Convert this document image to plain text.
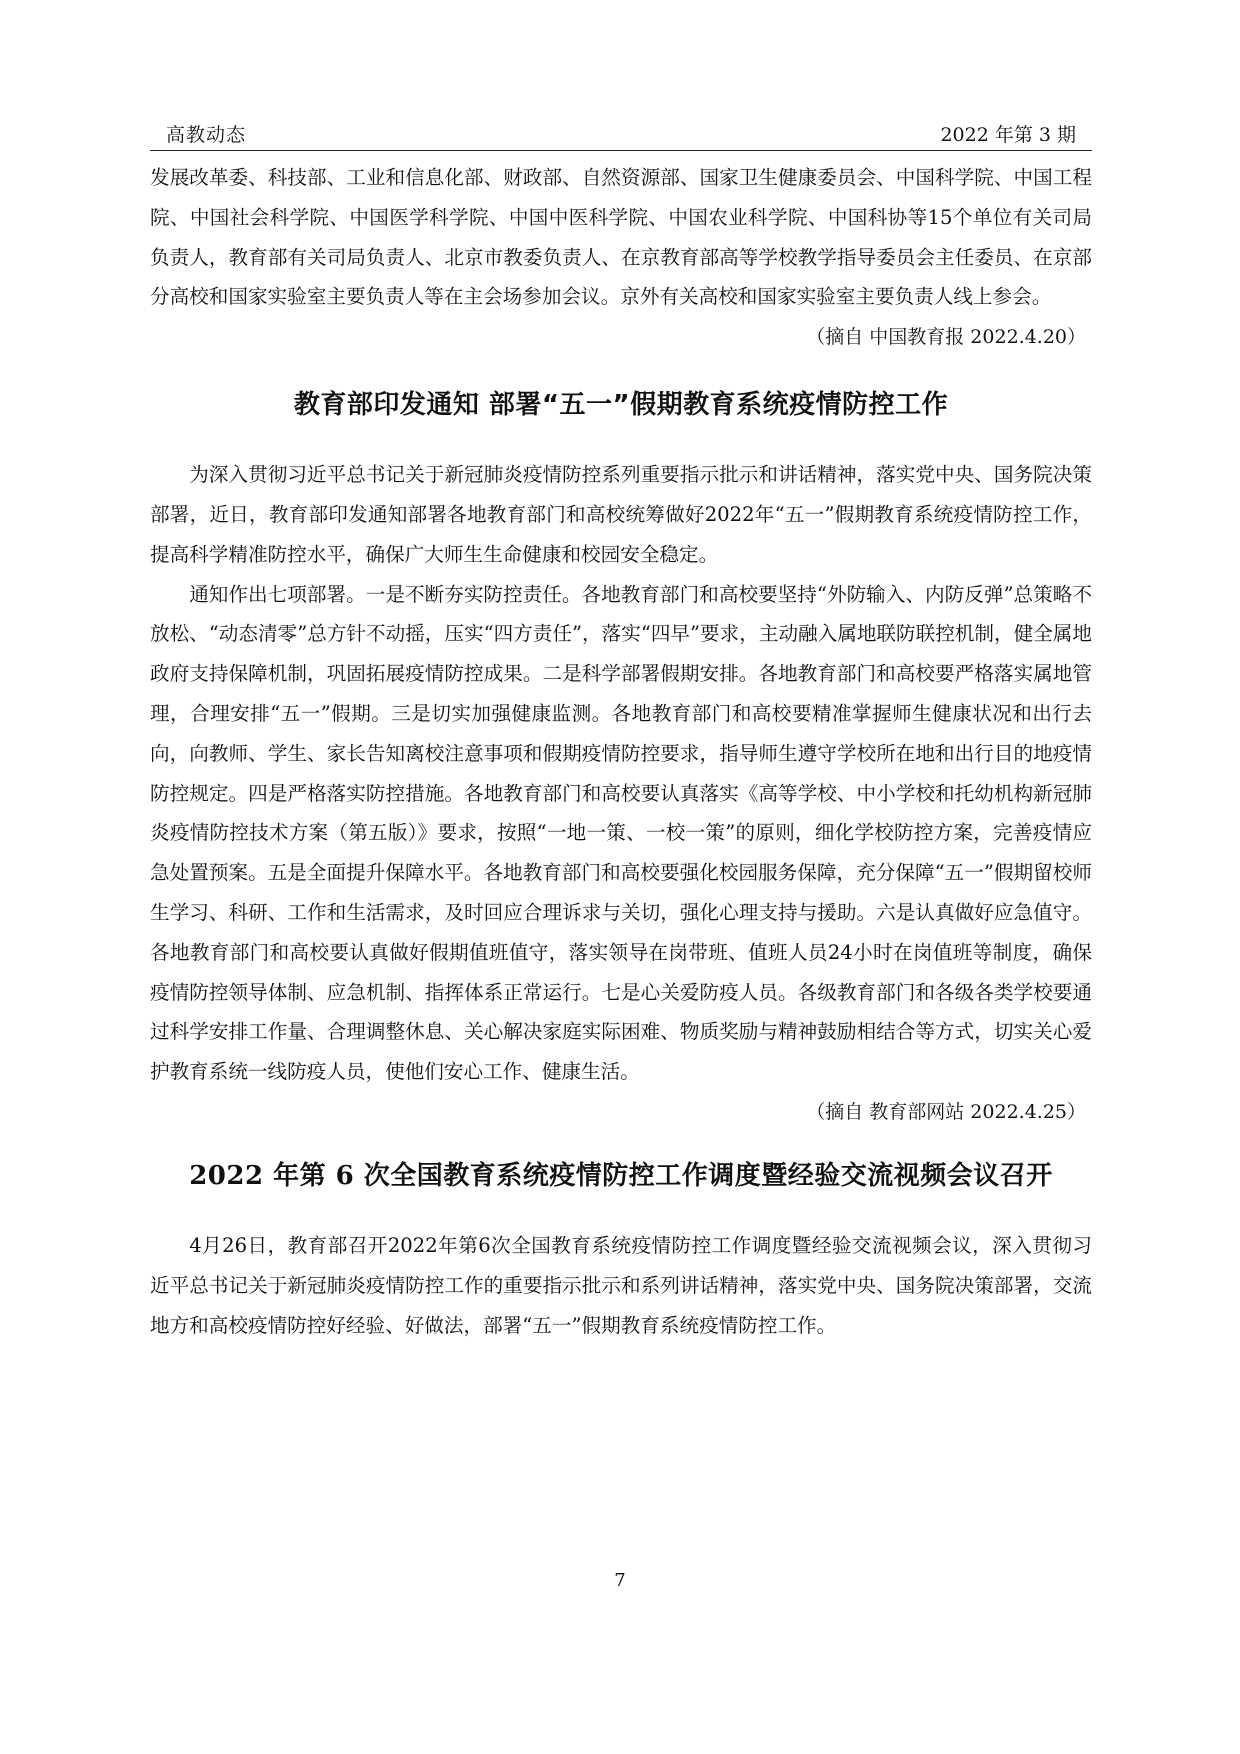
高教动态	2022 年第 3 期

发展改革委、科技部、工业和信息化部、财政部、自然资源部、国家卫生健康委员会、中国科学院、中国工程院、中国社会科学院、中国医学科学院、中国中医科学院、中国农业科学院、中国科协等15个单位有关司局负责人，教育部有关司局负责人、北京市教委负责人、在京教育部高等学校教学指导委员会主任委员、在京部分高校和国家实验室主要负责人等在主会场参加会议。京外有关高校和国家实验室主要负责人线上参会。

（摘自 中国教育报 2022.4.20）

教育部印发通知 部署“五一”假期教育系统疫情防控工作

为深入贯彻习近平总书记关于新冠肺炎疫情防控系列重要指示批示和讲话精神，落实党中央、国务院决策部署，近日，教育部印发通知部署各地教育部门和高校统筹做好2022年“五一”假期教育系统疫情防控工作，提高科学精准防控水平，确保广大师生生命健康和校园安全稳定。

通知作出七项部署。一是不断夯实防控责任。各地教育部门和高校要坚持“外防输入、内防反弹”总策略不放松、“动态清零”总方针不动摇，压实“四方责任”，落实“四早”要求，主动融入属地联防联控机制，健全属地政府支持保障机制，巩固拓展疫情防控成果。二是科学部署假期安排。各地教育部门和高校要严格落实属地管理，合理安排“五一”假期。三是切实加强健康监测。各地教育部门和高校要精准掌握师生健康状况和出行去向，向教师、学生、家长告知离校注意事项和假期疫情防控要求，指导师生遵守学校所在地和出行目的地疫情防控规定。四是严格落实防控措施。各地教育部门和高校要认真落实《高等学校、中小学校和托幼机构新冠肺炎疫情防控技术方案（第五版）》要求，按照“一地一策、一校一策”的原则，细化学校防控方案，完善疫情应急处置预案。五是全面提升保障水平。各地教育部门和高校要强化校园服务保障，充分保障“五一”假期留校师生学习、科研、工作和生活需求，及时回应合理诉求与关切，强化心理支持与援助。六是认真做好应急值守。各地教育部门和高校要认真做好假期值班值守，落实领导在岗带班、值班人员24小时在岗值班等制度，确保疫情防控领导体制、应急机制、指挥体系正常运行。七是心关爱防疫人员。各级教育部门和各级各类学校要通过科学安排工作量、合理调整休息、关心解决家庭实际困难、物质奖励与精神鼓励相结合等方式，切实关心爱护教育系统一线防疫人员，使他们安心工作、健康生活。

（摘自 教育部网站 2022.4.25）

2022 年第 6 次全国教育系统疫情防控工作调度暨经验交流视频会议召开

4月26日，教育部召开2022年第6次全国教育系统疫情防控工作调度暨经验交流视频会议，深入贯彻习近平总书记关于新冠肺炎疫情防控工作的重要指示批示和系列讲话精神，落实党中央、国务院决策部署，交流地方和高校疫情防控好经验、好做法，部署“五一”假期教育系统疫情防控工作。

7
